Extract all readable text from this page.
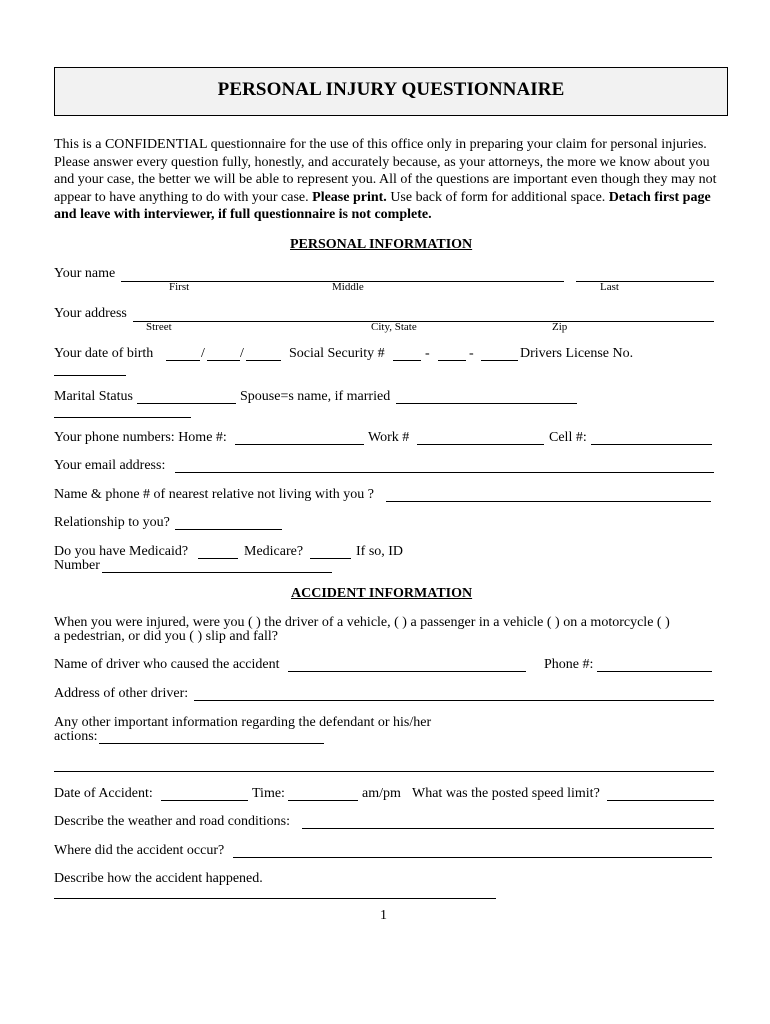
PERSONAL INJURY QUESTIONNAIRE
This is a CONFIDENTIAL questionnaire for the use of this office only in preparing your claim for personal injuries. Please answer every question fully, honestly, and accurately because, as your attorneys, the more we know about you and your case, the better we will be able to represent you. All of the questions are important even though they may not appear to have anything to do with your case. Please print. Use back of form for additional space. Detach first page and leave with interviewer, if full questionnaire is not complete.
PERSONAL INFORMATION
Your name
First	Middle	Last
Your address
Street	City, State	Zip
Your date of birth	/	/	Social Security #	-	-	Drivers License No.
Marital Status	Spouse=s name, if married
Your phone numbers: Home #:	Work #	Cell #:
Your email address:
Name & phone # of nearest relative not living with you ?
Relationship to you?
Do you have Medicaid?	Medicare?	If so, ID
Number
ACCIDENT INFORMATION
When you were injured, were you ( ) the driver of a vehicle, ( ) a passenger in a vehicle ( ) on a motorcycle ( )
a pedestrian, or did you ( ) slip and fall?
Name of driver who caused the accident	Phone #:
Address of other driver:
Any other important information regarding the defendant or his/her
actions:
Date of Accident:	Time:	am/pm What was the posted speed limit?
Describe the weather and road conditions:
Where did the accident occur?
Describe how the accident happened.
1
